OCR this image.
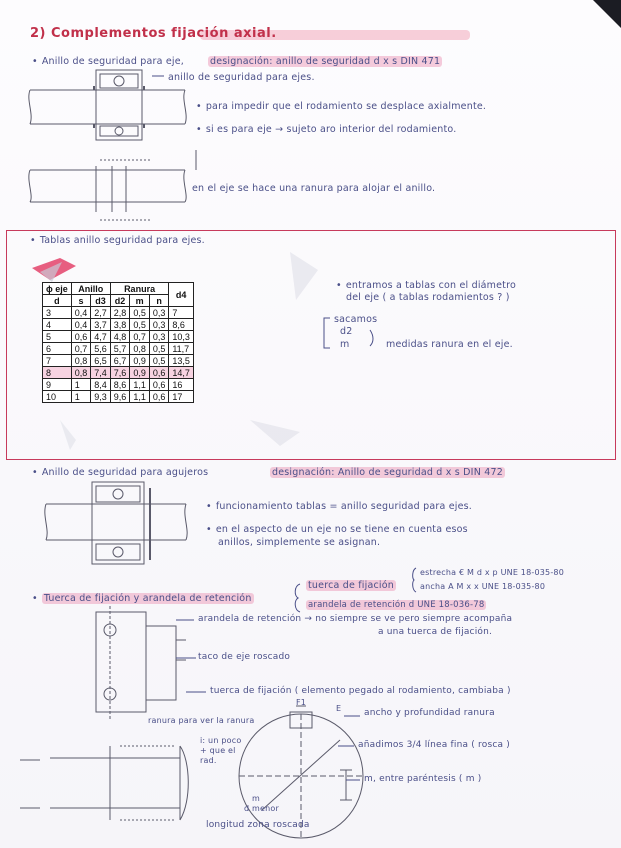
2) Complementos fijación axial.
• Anillo de seguridad para eje,	designación: anillo de seguridad d x s DIN 471
anillo de seguridad para ejes.
• para impedir que el rodamiento se desplace axialmente.
• si es para eje → sujeto aro interior del rodamiento.
en el eje se hace una ranura para alojar el anillo.
• Tablas anillo seguridad para ejes.
• entramos a tablas con el diámetro
del eje ( a tablas rodamientos ? )
sacamos
d2
m	medidas ranura en el eje.
ϕ eje	Anillo		Ranura			d4
d	s	d3	d2	m	n	
3	0,4	2,7	2,8	0,5	0,3	7
4	0,4	3,7	3,8	0,5	0,3	8,6
5	0,6	4,7	4,8	0,7	0,3	10,3
6	0,7	5,6	5,7	0,8	0,5	11,7
7	0,8	6,5	6,7	0,9	0,5	13,5
8	0,8	7,4	7,6	0,9	0,6	14,7
9	1	8,4	8,6	1,1	0,6	16
10	1	9,3	9,6	1,1	0,6	17
• Anillo de seguridad para agujeros	designación: Anillo de seguridad d x s DIN 472
• funcionamiento tablas = anillo seguridad para ejes.
• en el aspecto de un eje no se tiene en cuenta esos
anillos, simplemente se asignan.
• Tuerca de fijación y arandela de retención
tuerca de fijación
estrecha € M d x p UNE 18-035-80
ancha A M x x UNE 18-035-80
arandela de retención d UNE 18-036-78
arandela de retención → no siempre se ve pero siempre acompaña
a una tuerca de fijación.
taco de eje roscado
tuerca de fijación ( elemento pegado al rodamiento, cambiaba )
ranura para ver la ranura
i: un poco
+ que el
rad.
F1
E	ancho y profundidad ranura
añadimos 3/4 línea fina ( rosca )
m, entre paréntesis ( m )
m
d menor
longitud zona roscada
